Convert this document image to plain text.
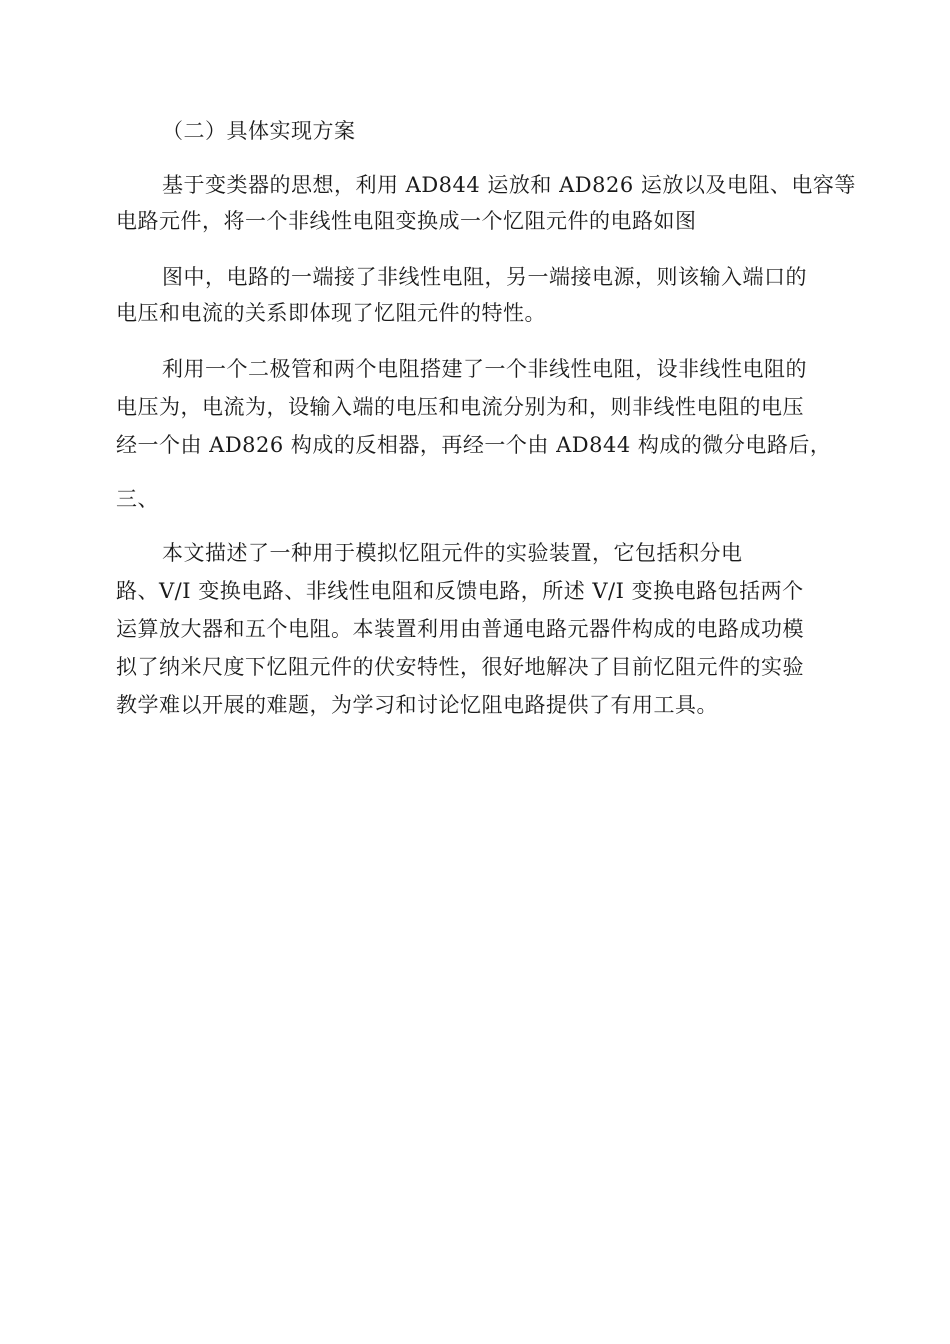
（二）具体实现方案
基于变类器的思想，利用 AD844 运放和 AD826 运放以及电阻、电容等
电路元件，将一个非线性电阻变换成一个忆阻元件的电路如图
图中，电路的一端接了非线性电阻，另一端接电源，则该输入端口的
电压和电流的关系即体现了忆阻元件的特性。
利用一个二极管和两个电阻搭建了一个非线性电阻，设非线性电阻的
电压为，电流为，设输入端的电压和电流分别为和，则非线性电阻的电压
经一个由 AD826 构成的反相器，再经一个由 AD844 构成的微分电路后，
三、
本文描述了一种用于模拟忆阻元件的实验装置，它包括积分电
路、V/I 变换电路、非线性电阻和反馈电路，所述 V/I 变换电路包括两个
运算放大器和五个电阻。本装置利用由普通电路元器件构成的电路成功模
拟了纳米尺度下忆阻元件的伏安特性，很好地解决了目前忆阻元件的实验
教学难以开展的难题，为学习和讨论忆阻电路提供了有用工具。
